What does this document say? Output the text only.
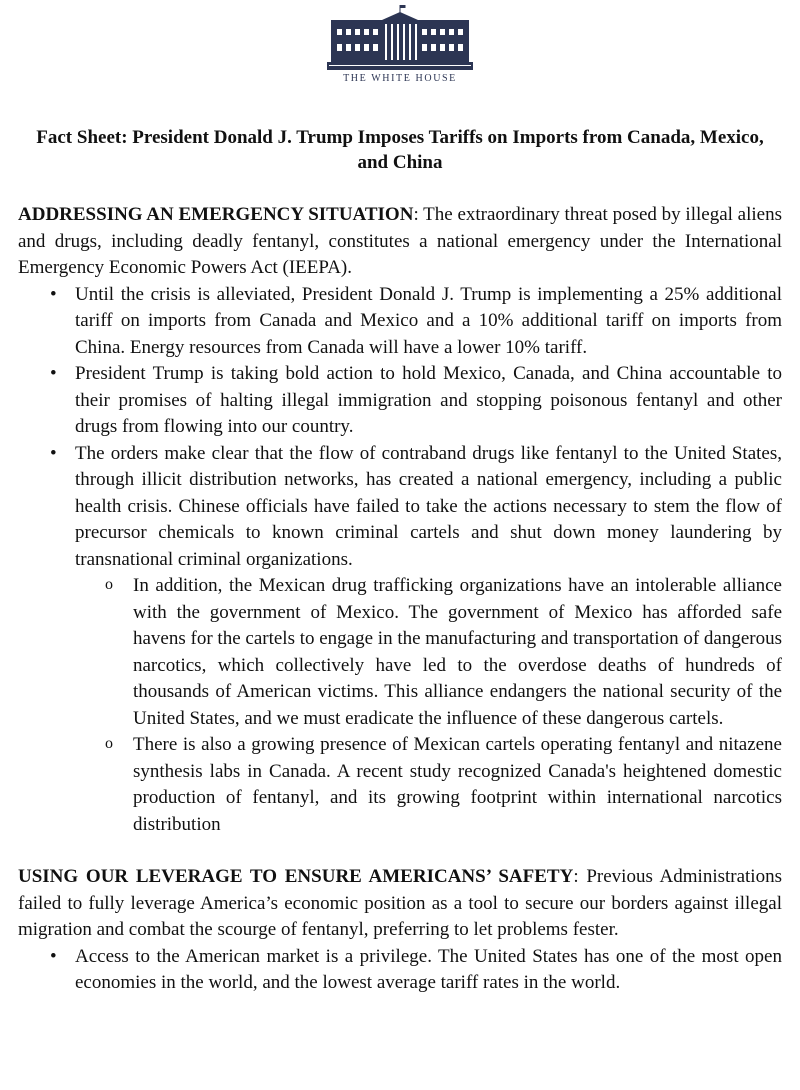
THE WHITE HOUSE
Fact Sheet: President Donald J. Trump Imposes Tariffs on Imports from Canada, Mexico, and China

ADDRESSING AN EMERGENCY SITUATION: The extraordinary threat posed by illegal aliens and drugs, including deadly fentanyl, constitutes a national emergency under the International Emergency Economic Powers Act (IEEPA).

• Until the crisis is alleviated, President Donald J. Trump is implementing a 25% additional tariff on imports from Canada and Mexico and a 10% additional tariff on imports from China. Energy resources from Canada will have a lower 10% tariff.
• President Trump is taking bold action to hold Mexico, Canada, and China accountable to their promises of halting illegal immigration and stopping poisonous fentanyl and other drugs from flowing into our country.
• The orders make clear that the flow of contraband drugs like fentanyl to the United States, through illicit distribution networks, has created a national emergency, including a public health crisis. Chinese officials have failed to take the actions necessary to stem the flow of precursor chemicals to known criminal cartels and shut down money laundering by transnational criminal organizations.
o In addition, the Mexican drug trafficking organizations have an intolerable alliance with the government of Mexico. The government of Mexico has afforded safe havens for the cartels to engage in the manufacturing and transportation of dangerous narcotics, which collectively have led to the overdose deaths of hundreds of thousands of American victims. This alliance endangers the national security of the United States, and we must eradicate the influence of these dangerous cartels.
o There is also a growing presence of Mexican cartels operating fentanyl and nitazene synthesis labs in Canada. A recent study recognized Canada's heightened domestic production of fentanyl, and its growing footprint within international narcotics distribution

USING OUR LEVERAGE TO ENSURE AMERICANS’ SAFETY: Previous Administrations failed to fully leverage America’s economic position as a tool to secure our borders against illegal migration and combat the scourge of fentanyl, preferring to let problems fester.

• Access to the American market is a privilege. The United States has one of the most open economies in the world, and the lowest average tariff rates in the world.
